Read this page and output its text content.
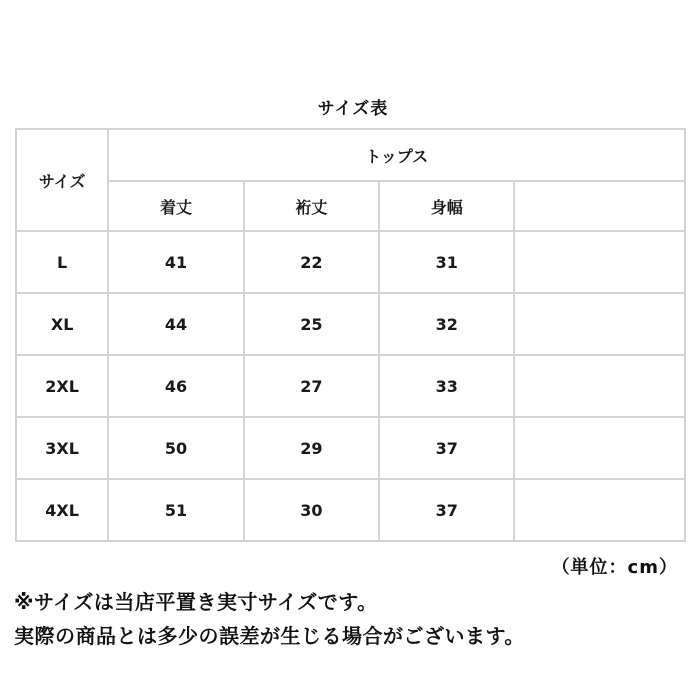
サイズ表
サイズ	トップス			
	着丈	裄丈	身幅	
L	41	22	31	
XL	44	25	32	
2XL	46	27	33	
3XL	50	29	37	
4XL	51	30	37	
（単位：cm）
※サイズは当店平置き実寸サイズです。
実際の商品とは多少の誤差が生じる場合がございます。
